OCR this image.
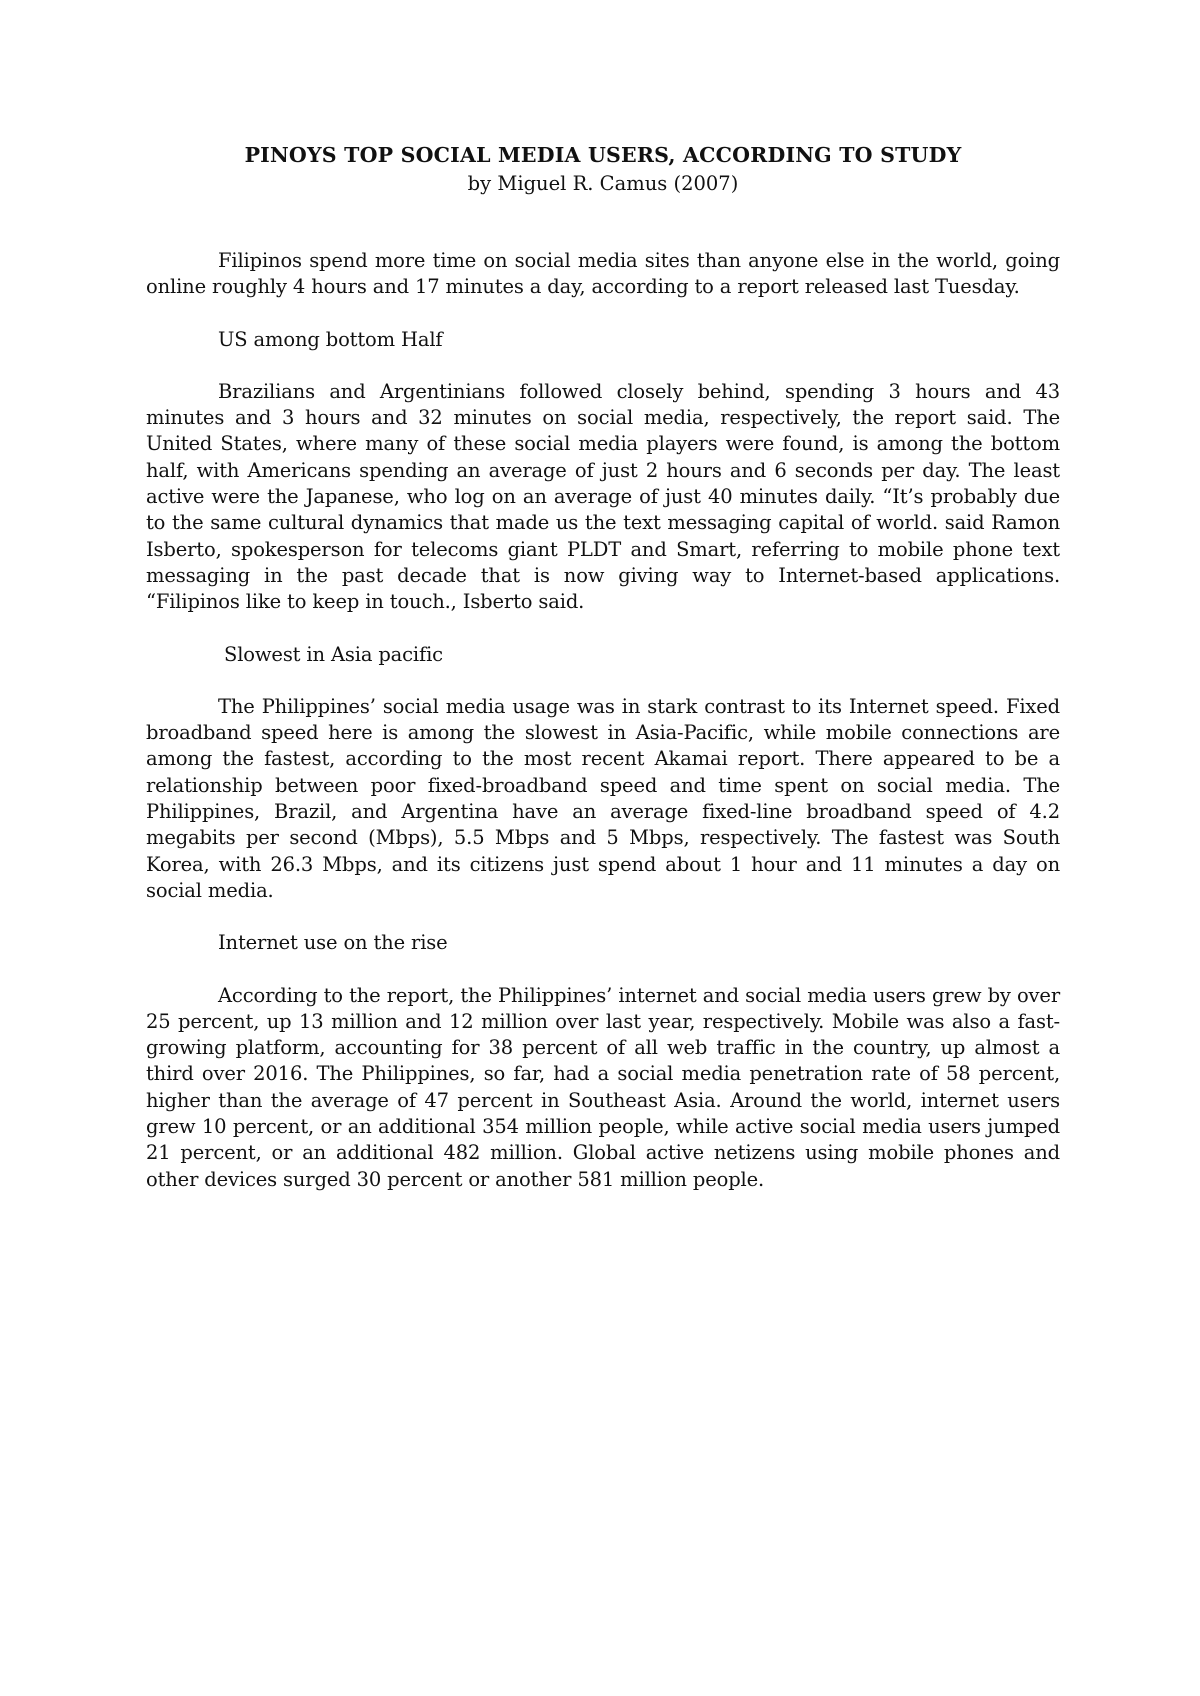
PINOYS TOP SOCIAL MEDIA USERS, ACCORDING TO STUDY

by Miguel R. Camus (2007)

Filipinos spend more time on social media sites than anyone else in the world, going online roughly 4 hours and 17 minutes a day, according to a report released last Tuesday.

US among bottom Half

Brazilians and Argentinians followed closely behind, spending 3 hours and 43 minutes and 3 hours and 32 minutes on social media, respectively, the report said. The United States, where many of these social media players were found, is among the bottom half, with Americans spending an average of just 2 hours and 6 seconds per day. The least active were the Japanese, who log on an average of just 40 minutes daily. “It’s probably due to the same cultural dynamics that made us the text messaging capital of world. said Ramon Isberto, spokesperson for telecoms giant PLDT and Smart, referring to mobile phone text messaging in the past decade that is now giving way to Internet-based applications. “Filipinos like to keep in touch., Isberto said.

Slowest in Asia pacific

The Philippines’ social media usage was in stark contrast to its Internet speed. Fixed broadband speed here is among the slowest in Asia-Pacific, while mobile connections are among the fastest, according to the most recent Akamai report. There appeared to be a relationship between poor fixed-broadband speed and time spent on social media. The Philippines, Brazil, and Argentina have an average fixed-line broadband speed of 4.2 megabits per second (Mbps), 5.5 Mbps and 5 Mbps, respectively. The fastest was South Korea, with 26.3 Mbps, and its citizens just spend about 1 hour and 11 minutes a day on social media.

Internet use on the rise

According to the report, the Philippines’ internet and social media users grew by over 25 percent, up 13 million and 12 million over last year, respectively. Mobile was also a fast-growing platform, accounting for 38 percent of all web traffic in the country, up almost a third over 2016. The Philippines, so far, had a social media penetration rate of 58 percent, higher than the average of 47 percent in Southeast Asia. Around the world, internet users grew 10 percent, or an additional 354 million people, while active social media users jumped 21 percent, or an additional 482 million. Global active netizens using mobile phones and other devices surged 30 percent or another 581 million people.
